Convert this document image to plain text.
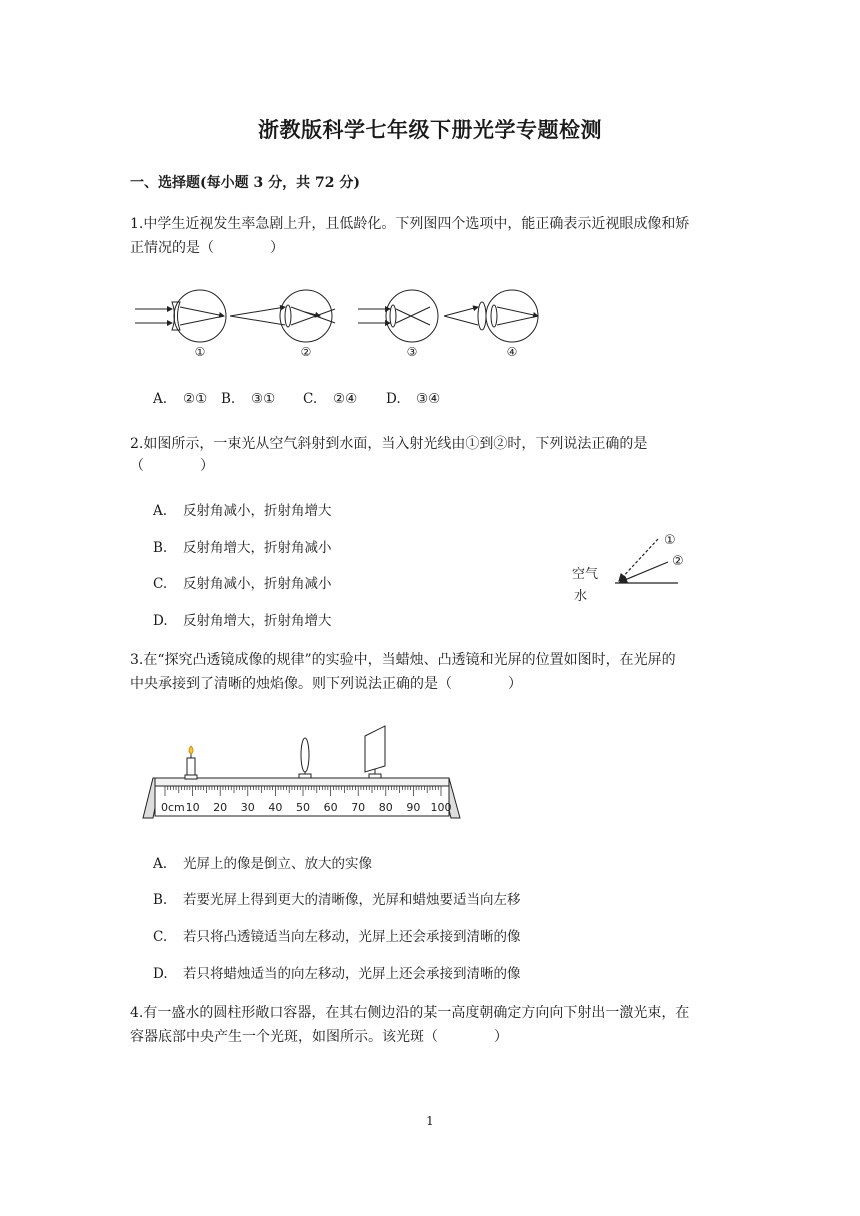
浙教版科学七年级下册光学专题检测
一、选择题(每小题 3 分，共 72 分)
1.中学生近视发生率急剧上升，且低龄化。下列图四个选项中，能正确表示近视眼成像和矫
正情况的是（　　　　）
①	②	③	④
A. ②① B. ③① C. ②④ D. ③④
2.如图所示，一束光从空气斜射到水面，当入射光线由①到②时，下列说法正确的是
（　　　　）
A. 反射角减小，折射角增大
B. 反射角增大，折射角减小
C. 反射角减小，折射角减小
D. 反射角增大，折射角增大
空气
水
①
②
3.在“探究凸透镜成像的规律”的实验中，当蜡烛、凸透镜和光屏的位置如图时，在光屏的
中央承接到了清晰的烛焰像。则下列说法正确的是（　　　　）
0cm 10 20 30 40 50 60 70 80 90 100
A. 光屏上的像是倒立、放大的实像
B. 若要光屏上得到更大的清晰像，光屏和蜡烛要适当向左移
C. 若只将凸透镜适当向左移动，光屏上还会承接到清晰的像
D. 若只将蜡烛适当的向左移动，光屏上还会承接到清晰的像
4.有一盛水的圆柱形敞口容器，在其右侧边沿的某一高度朝确定方向向下射出一激光束，在
容器底部中央产生一个光斑，如图所示。该光斑（　　　　）
1
